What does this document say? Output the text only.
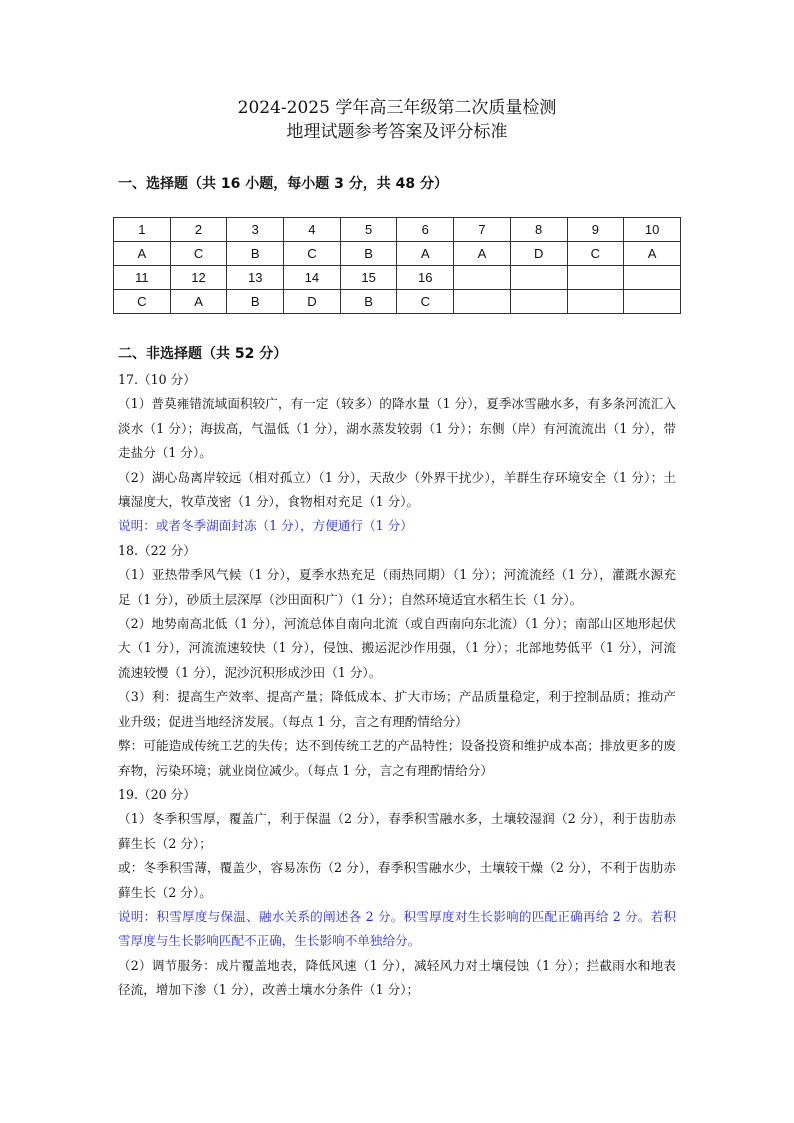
2024-2025 学年高三年级第二次质量检测
地理试题参考答案及评分标准
一、选择题（共 16 小题，每小题 3 分，共 48 分）
1	2	3	4	5	6	7	8	9	10
A	C	B	C	B	A	A	D	C	A
11	12	13	14	15	16				
C	A	B	D	B	C				
二、非选择题（共 52 分）

17.（10 分）

（1）普莫雍错流域面积较广，有一定（较多）的降水量（1 分），夏季冰雪融水多，有多条河流汇入淡水（1 分）；海拔高，气温低（1 分），湖水蒸发较弱（1 分）；东侧（岸）有河流流出（1 分），带走盐分（1 分）。

（2）湖心岛离岸较远（相对孤立）（1 分），天敌少（外界干扰少），羊群生存环境安全（1 分）；土壤湿度大，牧草茂密（1 分），食物相对充足（1 分）。

说明：或者冬季湖面封冻（1 分），方便通行（1 分）

18.（22 分）

（1）亚热带季风气候（1 分），夏季水热充足（雨热同期）（1 分）；河流流经（1 分），灌溉水源充足（1 分），砂质土层深厚（沙田面积广）（1 分）；自然环境适宜水稻生长（1 分）。

（2）地势南高北低（1 分），河流总体自南向北流（或自西南向东北流）（1 分）；南部山区地形起伏大（1 分），河流流速较快（1 分），侵蚀、搬运泥沙作用强，（1 分）；北部地势低平（1 分），河流流速较慢（1 分），泥沙沉积形成沙田（1 分）。

（3）利：提高生产效率、提高产量；降低成本、扩大市场；产品质量稳定，利于控制品质；推动产业升级；促进当地经济发展。（每点 1 分，言之有理酌情给分）

弊：可能造成传统工艺的失传；达不到传统工艺的产品特性；设备投资和维护成本高；排放更多的废弃物，污染环境；就业岗位减少。（每点 1 分，言之有理酌情给分）

19.（20 分）

（1）冬季积雪厚，覆盖广，利于保温（2 分），春季积雪融水多，土壤较湿润（2 分），利于齿肋赤藓生长（2 分）；

或：冬季积雪薄，覆盖少，容易冻伤（2 分），春季积雪融水少，土壤较干燥（2 分），不利于齿肋赤藓生长（2 分）。

说明：积雪厚度与保温、融水关系的阐述各 2 分。积雪厚度对生长影响的匹配正确再给 2 分。若积雪厚度与生长影响匹配不正确，生长影响不单独给分。

（2）调节服务：成片覆盖地表，降低风速（1 分），减轻风力对土壤侵蚀（1 分）；拦截雨水和地表径流，增加下渗（1 分），改善土壤水分条件（1 分）；
